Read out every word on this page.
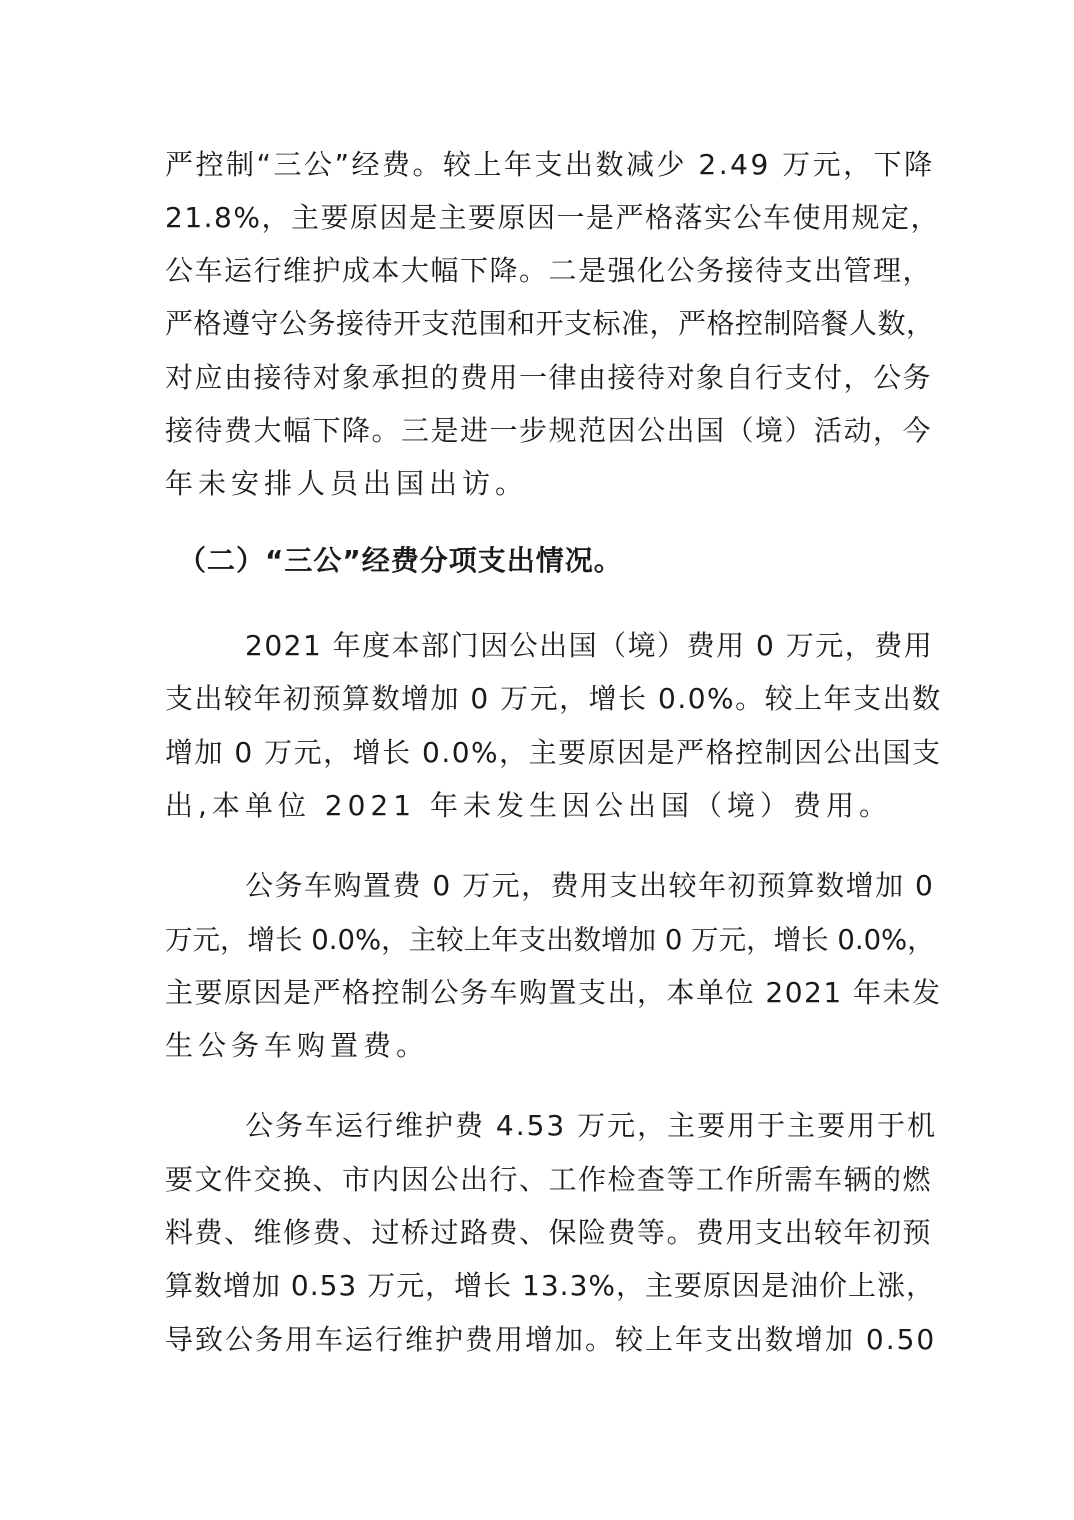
严控制“三公”经费。较上年支出数减少 2.49 万元，下降

21.8%，主要原因是主要原因一是严格落实公车使用规定，

公车运行维护成本大幅下降。二是强化公务接待支出管理，

严格遵守公务接待开支范围和开支标准，严格控制陪餐人数，

对应由接待对象承担的费用一律由接待对象自行支付，公务

接待费大幅下降。三是进一步规范因公出国（境）活动，今

年未安排人员出国出访。

（二）“三公”经费分项支出情况。

2021 年度本部门因公出国（境）费用 0 万元，费用

支出较年初预算数增加 0 万元，增长 0.0%。较上年支出数

增加 0 万元，增长 0.0%，主要原因是严格控制因公出国支

出,本单位 2021 年未发生因公出国（境）费用。

公务车购置费 0 万元，费用支出较年初预算数增加 0

万元，增长 0.0%，主较上年支出数增加 0 万元，增长 0.0%，

主要原因是严格控制公务车购置支出，本单位 2021 年未发

生公务车购置费。

公务车运行维护费 4.53 万元，主要用于主要用于机

要文件交换、市内因公出行、工作检查等工作所需车辆的燃

料费、维修费、过桥过路费、保险费等。费用支出较年初预

算数增加 0.53 万元，增长 13.3%，主要原因是油价上涨，

导致公务用车运行维护费用增加。较上年支出数增加 0.50
